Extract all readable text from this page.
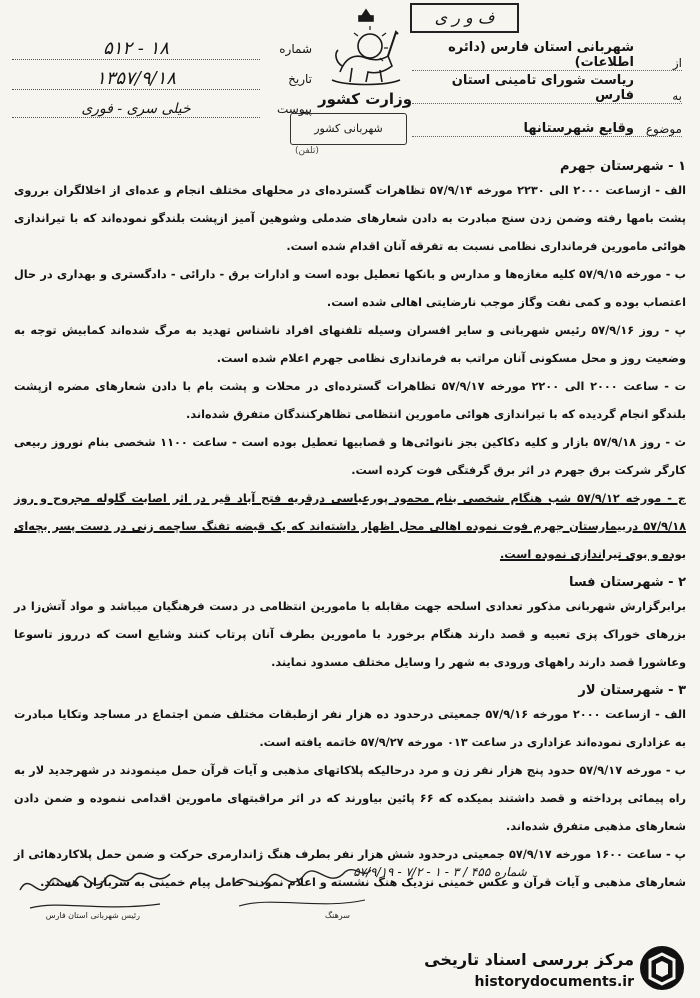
ف‌ ‌و ‌ر ‌ی
شماره
۵۱۲ - ۱۸
تاریخ
۱۳۵۷/۹/۱۸
پیوست
خیلی سری - فوری
وزارت کشور
شهربانی کشور
(تلفن)
از
شهربانی استان فارس (دائره اطلاعات)
به
ریاست شورای تامینی استان فارس
موضوع
وقایع شهرستانها
۱ - شهرستان جهرم

الف - ازساعت ۲۰۰۰ الی ۲۲۳۰ مورخه ۵۷/۹/۱۴ تظاهرات گسترده‌ای در محلهای مختلف انجام و عده‌ای از اخلالگران برروی پشت بامها رفته وضمن زدن سنج مبادرت به دادن شعارهای ضدملی وشوهین آمیز ازپشت بلندگو نموده‌اند که با تیراندازی هوائی مامورین فرمانداری نظامی نسبت به تفرقه آنان اقدام شده است.

ب - مورخه ۵۷/۹/۱۵ کلیه مغازه‌ها و مدارس و بانکها تعطیل بوده است و ادارات برق - دارائی - دادگستری و بهداری در حال اعتصاب بوده و کمی نفت وگاز موجب نارضایتی اهالی شده است.

پ - روز ۵۷/۹/۱۶ رئیس شهربانی و سایر افسران وسیله تلفنهای افراد ناشناس تهدید به مرگ شده‌اند کمابیش توجه به وضعیت روز و محل مسکونی آنان مراتب به فرمانداری نظامی جهرم اعلام شده است.

ت - ساعت ۲۰۰۰ الی ۲۲۰۰ مورخه ۵۷/۹/۱۷ تظاهرات گسترده‌ای در محلات و پشت بام با دادن شعارهای مضره ازپشت بلندگو انجام گردیده که با تیراندازی هوائی مامورین انتظامی تظاهرکنندگان متفرق شده‌اند.

ث - روز ۵۷/۹/۱۸ بازار و کلیه دکاکین بجز نانوائی‌ها و قصابیها تعطیل بوده است - ساعت ۱۱۰۰ شخصی بنام نوروز ربیعی کارگر شرکت برق جهرم در اثر برق گرفتگی فوت کرده است.

ج - مورخه ۵۷/۹/۱۲ شب هنگام شخصی بنام محمود پورعباسی درقریه فتح آباد قیر در اثر اصابت گلوله مجروح و روز ۵۷/۹/۱۸ دربیمارستان جهرم فوت نموده اهالی محل اظهار داشته‌اند که یک قبضه تفنگ ساچمه زنی در دست پسر بچه‌ای بوده و بوی تیراندازی نموده است.

۲ - شهرستان فسا

برابرگزارش شهربانی مذکور تعدادی اسلحه جهت مقابله با مامورین انتظامی در دست فرهنگیان میباشد و مواد آتش‌زا در بزرهای خوراک پزی تعبیه و قصد دارند هنگام برخورد با مامورین بطرف آنان پرتاب کنند وشایع است که درروز تاسوعا وعاشورا قصد دارند راههای ورودی به شهر را وسایل مختلف مسدود نمایند.

۳ - شهرستان لار

الف - ازساعت ۲۰۰۰ مورخه ۵۷/۹/۱۶ جمعیتی درحدود ده هزار نفر ازطبقات مختلف ضمن اجتماع در مساجد وتکایا مبادرت به عزاداری نموده‌اند عزاداری در ساعت ۰۱۳ مورخه ۵۷/۹/۲۷ خاتمه یافته است.

ب - مورخه ۵۷/۹/۱۷ حدود پنج هزار نفر زن و مرد درحالیکه پلاکاتهای مذهبی و آیات قرآن حمل مینمودند در شهرجدید لار به راه پیمائی پرداخته و قصد داشتند بمیکده که ۶۶ پائین بیاورند که در اثر مراقبتهای مامورین اقدامی ننموده و ضمن دادن شعارهای مذهبی متفرق شده‌اند.

پ - ساعت ۱۶۰۰ مورخه ۵۷/۹/۱۷ جمعیتی درحدود شش هزار نفر بطرف هنگ ژاندارمری حرکت و ضمن حمل پلاکاردهائی از شعارهای مذهبی و آیات قرآن و عکس خمینی نزدیک هنگ نشسته و اعلام نمودند حامل پیام خمینی به سربازان هستند.

شماره ۴۵۵ / ۳ - ۱ - ۷/۲ - ۵۷/۹/۱۹
رئیس شهربانی استان فارس	سرهنگ
مرکز بررسی اسناد تاریخی
historydocuments.ir
